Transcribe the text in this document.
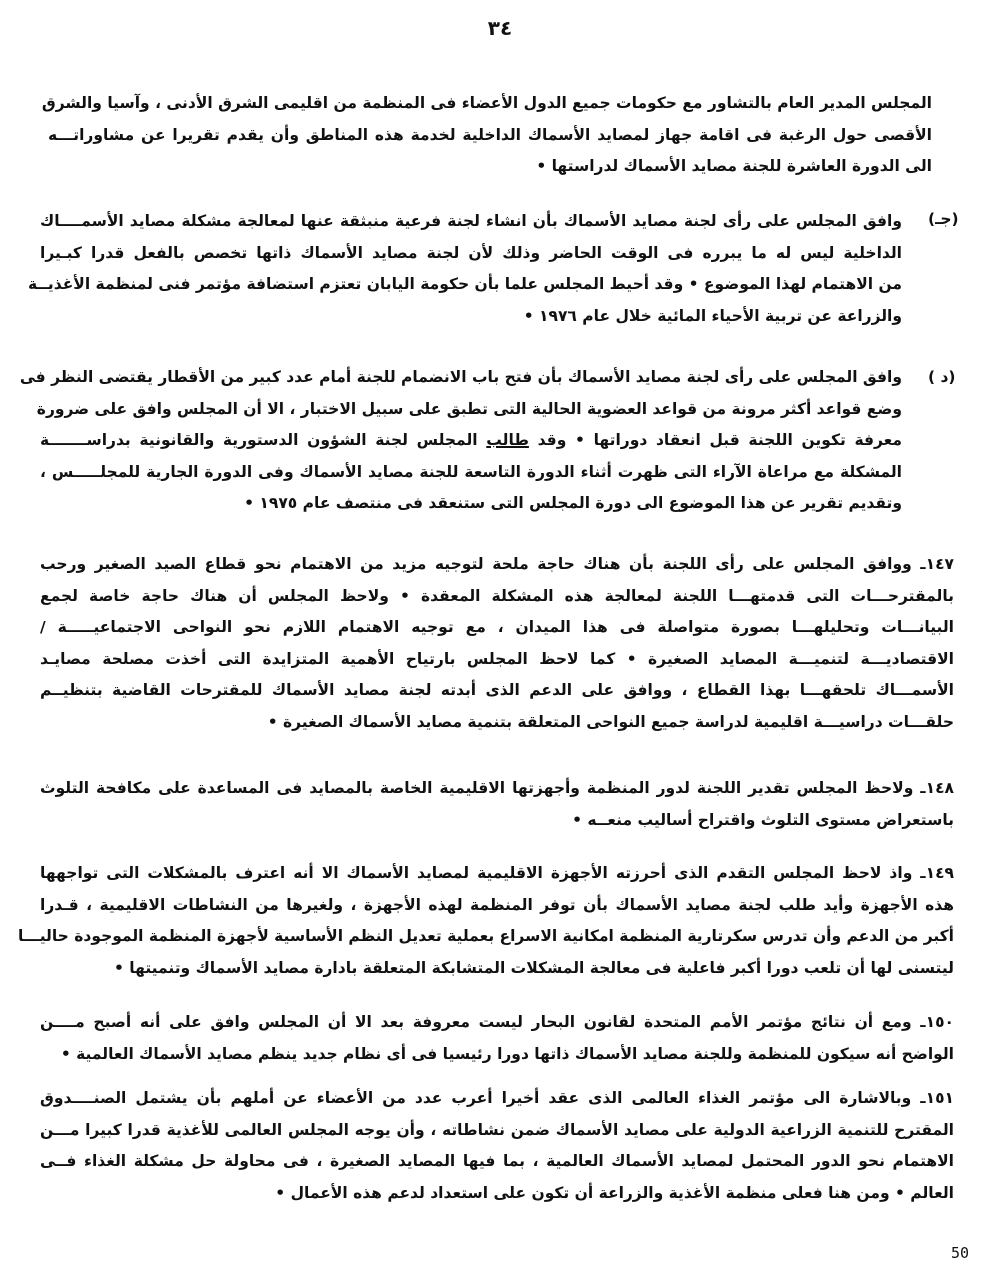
٣٤
المجلس المدير العام بالتشاور مع حكومات جميع الدول الأعضاء فى المنظمة من اقليمى الشرق الأدنى ، وآسيا والشرق
الأقصى حول الرغبة فى اقامة جهاز لمصايد الأسماك الداخلية لخدمة هذه المناطق وأن يقدم تقريرا عن مشاوراتـــه
الى الدورة العاشرة للجنة مصايد الأسماك لدراستها •
(جـ)
وافق المجلس على رأى لجنة مصايد الأسماك بأن انشاء لجنة فرعية منبثقة عنها لمعالجة مشكلة مصايد الأسمــــاك
الداخلية ليس له ما يبرره فى الوقت الحاضر وذلك لأن لجنة مصايد الأسماك ذاتها تخصص بالفعل قدرا كبـيرا
من الاهتمام لهذا الموضوع • وقد أحيط المجلس علما بأن حكومة اليابان تعتزم استضافة مؤتمر فنى لمنظمة الأغذيــة
والزراعة عن تربية الأحياء المائية خلال عام ١٩٧٦ •
(د )
وافق المجلس على رأى لجنة مصايد الأسماك بأن فتح باب الانضمام للجنة أمام عدد كبير من الأقطار يقتضى النظر فى
وضع قواعد أكثر مرونة من قواعد العضوية الحالية التى تطبق على سبيل الاختبار ، الا أن المجلس وافق على ضرورة
معرفة تكوين اللجنة قبل انعقاد دوراتها • وقد طالب المجلس لجنة الشؤون الدستورية والقانونية بدراســـــــة
المشكلة مع مراعاة الآراء التى ظهرت أثناء الدورة التاسعة للجنة مصايد الأسماك وفى الدورة الجارية للمجلـــــس ،
وتقديم تقرير عن هذا الموضوع الى دورة المجلس التى ستنعقد فى منتصف عام ١٩٧٥ •
١٤٧ـ ووافق المجلس على رأى اللجنة بأن هناك حاجة ملحة لتوجيه مزيد من الاهتمام نحو قطاع الصيد الصغير ورحب
بالمقترحـــات التى قدمتهـــا اللجنة لمعالجة هذه المشكلة المعقدة • ولاحظ المجلس أن هناك حاجة خاصة لجمع
البيانـــات وتحليلهـــا بصورة متواصلة فى هذا الميدان ، مع توجيه الاهتمام اللازم نحو النواحى الاجتماعيـــــة /
الاقتصاديـــة لتنميـــة المصايد الصغيرة • كما لاحظ المجلس بارتياح الأهمية المتزايدة التى أخذت مصلحة مصايـد
الأسمـــاك تلحقهـــا بهذا القطاع ، ووافق على الدعم الذى أبدته لجنة مصايد الأسماك للمقترحات القاضية بتنظيــم
حلقـــات دراسيـــة اقليمية لدراسة جميع النواحى المتعلقة بتنمية مصايد الأسماك الصغيرة •
١٤٨ـ ولاحظ المجلس تقدير اللجنة لدور المنظمة وأجهزتها الاقليمية الخاصة بالمصايد فى المساعدة على مكافحة التلوث
باستعراض مستوى التلوث واقتراح أساليب منعــه •
١٤٩ـ واذ لاحظ المجلس التقدم الذى أحرزته الأجهزة الاقليمية لمصايد الأسماك الا أنه اعترف بالمشكلات التى تواجهها
هذه الأجهزة وأيد طلب لجنة مصايد الأسماك بأن توفر المنظمة لهذه الأجهزة ، ولغيرها من النشاطات الاقليمية ، قـدرا
أكبر من الدعم وأن تدرس سكرتارية المنظمة امكانية الاسراع بعملية تعديل النظم الأساسية لأجهزة المنظمة الموجودة حاليـــا
ليتسنى لها أن تلعب دورا أكبر فاعلية فى معالجة المشكلات المتشابكة المتعلقة بادارة مصايد الأسماك وتنميتها •
١٥٠ـ ومع أن نتائج مؤتمر الأمم المتحدة لقانون البحار ليست معروفة بعد الا أن المجلس وافق على أنه أصبح مــــن
الواضح أنه سيكون للمنظمة وللجنة مصايد الأسماك ذاتها دورا رئيسيا فى أى نظام جديد ينظم مصايد الأسماك العالمية •
١٥١ـ وبالاشارة الى مؤتمر الغذاء العالمى الذى عقد أخيرا أعرب عدد من الأعضاء عن أملهم بأن يشتمل الصنــــدوق
المقترح للتنمية الزراعية الدولية على مصايد الأسماك ضمن نشاطاته ، وأن يوجه المجلس العالمى للأغذية قدرا كبيرا مـــن
الاهتمام نحو الدور المحتمل لمصايد الأسماك العالمية ، بما فيها المصايد الصغيرة ، فى محاولة حل مشكلة الغذاء فــى
العالم • ومن هنا فعلى منظمة الأغذية والزراعة أن تكون على استعداد لدعم هذه الأعمال •
50
